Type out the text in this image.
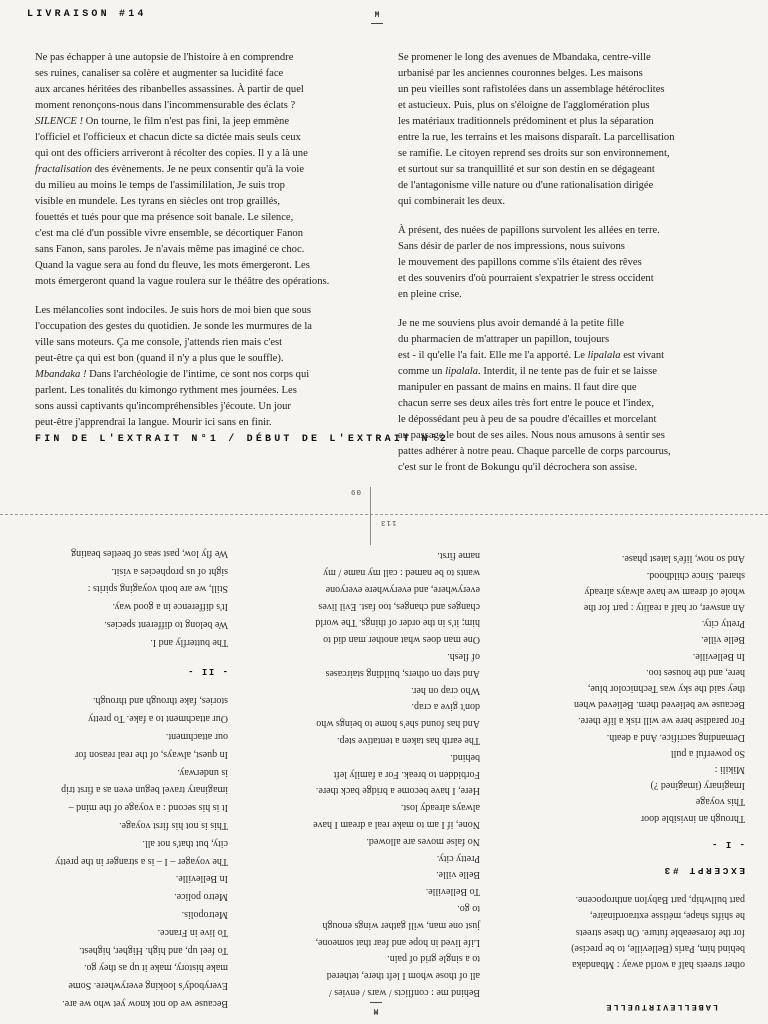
LIVRAISON #14	M
Ne pas échapper à une autopsie de l'histoire à en comprendre
ses ruines, canaliser sa colère et augmenter sa lucidité face
aux arcanes héritées des ribanbelles assassines. À partir de quel
moment renonçons-nous dans l'incommensurable des éclats ?
SILENCE ! On tourne, le film n'est pas fini, la jeep emmène
l'officiel et l'officieux et chacun dicte sa dictée mais seuls ceux
qui ont des officiers arriveront à récolter des copies. Il y a là une
fractalisation des évènements. Je ne peux consentir qu'à la voie
du milieu au moins le temps de l'assimililation, Je suis trop
visible en mundele. Les tyrans en siècles ont trop graillés,
fouettés et tués pour que ma présence soit banale. Le silence,
c'est ma clé d'un possible vivre ensemble, se décortiquer Fanon
sans Fanon, sans paroles. Je n'avais même pas imaginé ce choc.
Quand la vague sera au fond du fleuve, les mots émergeront. Les
mots émergeront quand la vague roulera sur le théâtre des opérations.
Les mélancolies sont indociles. Je suis hors de moi bien que sous
l'occupation des gestes du quotidien. Je sonde les murmures de la
ville sans moteurs. Ça me console, j'attends rien mais c'est
peut-être ça qui est bon (quand il n'y a plus que le souffle).
Mbandaka ! Dans l'archéologie de l'intime, ce sont nos corps qui
parlent. Les tonalités du kimongo rythment mes journées. Les
sons aussi captivants qu'incompréhensibles j'écoute. Un jour
peut-être j'apprendrai la langue. Mourir ici sans en finir.
Se promener le long des avenues de Mbandaka, centre-ville
urbanisé par les anciennes couronnes belges. Les maisons
un peu vieilles sont rafistolées dans un assemblage hétéroclites
et astucieux. Puis, plus on s'éloigne de l'agglomération plus
les matériaux traditionnels prédominent et plus la séparation
entre la rue, les terrains et les maisons disparaît. La parcellisation
se ramifie. Le citoyen reprend ses droits sur son environnement,
et surtout sur sa tranquillité et sur son destin en se dégageant
de l'antagonisme ville nature ou d'une rationalisation dirigée
qui combinerait les deux.
À présent, des nuées de papillons survolent les allées en terre.
Sans désir de parler de nos impressions, nous suivons
le mouvement des papillons comme s'ils étaient des rêves
et des souvenirs d'où pourraient s'expatrier le stress occident
en pleine crise.
Je ne me souviens plus avoir demandé à la petite fille
du pharmacien de m'attraper un papillon, toujours
est - il qu'elle l'a fait. Elle me l'a apporté. Le lipalala est vivant
comme un lipalala. Interdit, il ne tente pas de fuir et se laisse
manipuler en passant de mains en mains. Il faut dire que
chacun serre ses deux ailes très fort entre le pouce et l'index,
le dépossédant peu à peu de sa poudre d'écailles et morcelant
au passage le bout de ses ailes. Nous nous amusons à sentir ses
pattes adhérer à notre peau. Chaque parcelle de corps parcourus,
c'est sur le front de Bokungu qu'il décrochera son assise.
FIN DE L'EXTRAIT N°1 / DÉBUT DE L'EXTRAIT N°2
60
113
LABELLEVIRTUELLE
M
other streets half a world away : Mbandaka
behind him, Paris (Belleville, to be precise)
for the foreseeable future. On these streets
he shifts shape, métisse extraordinaire,
part bullwhip, part Babylon anthropocene.
EXCERPT #3
- I -
Through an invisible door
This voyage
Imaginary (imagined ?)
Mikili :
So powerful a pull
Demanding sacrifice. And a death.
For paradise here we will risk a life there.
Because we believed them. Believed when
they said the sky was Technicolor blue,
here, and the houses too.
In Belleville.
Belle ville.
Pretty city.
An answer, or half a reality : part for the
whole of dream we have always already
shared. Since childhood.
And so now, life's latest phase.
Behind me : conflicts / wars / envies /
all of those whom I left there, tethered
to a single grid of pain.
Life lived in hope and fear that someone,
just one man, will gather wings enough
to go.
To Belleville.
Belle ville.
Pretty city.
No false moves are allowed.
None, if I am to make real a dream I have
always already lost.
Here, I have become a bridge back there.
Forbidden to break. For a family left
behind.
The earth has taken a tentative step.
And has found she's home to beings who
don't give a crap.
Who crap on her.
And step on others, building staircases
of flesh.
One man does what another man did to
him; it's in the order of things. The world
changes and changes, too fast. Evil lives
everywhere, and everywhere everyone
wants to be named : call my name / my
name first.
Because we do not know yet who we are.
Everybody's looking everywhere. Some
make history, make it up as they go.
To feel up, and high. Higher, highest.
To live in France.
Metropolis.
Metro police.
In Belleville.
The voyager – I – is a stranger in the pretty
city, but that's not all.
This is not his first voyage.
It is his second : a voyage of the mind –
imaginary travel begun even as a first trip
is underway.
In quest, always, of the real reason for
our attachment.
Our attachment to a fake. To pretty
stories, fake through and through.
- II -
The butterfly and I.
We belong to different species.
It's difference in a good way.
Still, we are both voyaging spirits :
sight of us prophecies a visit.
We fly low, past seas of beetles beating
